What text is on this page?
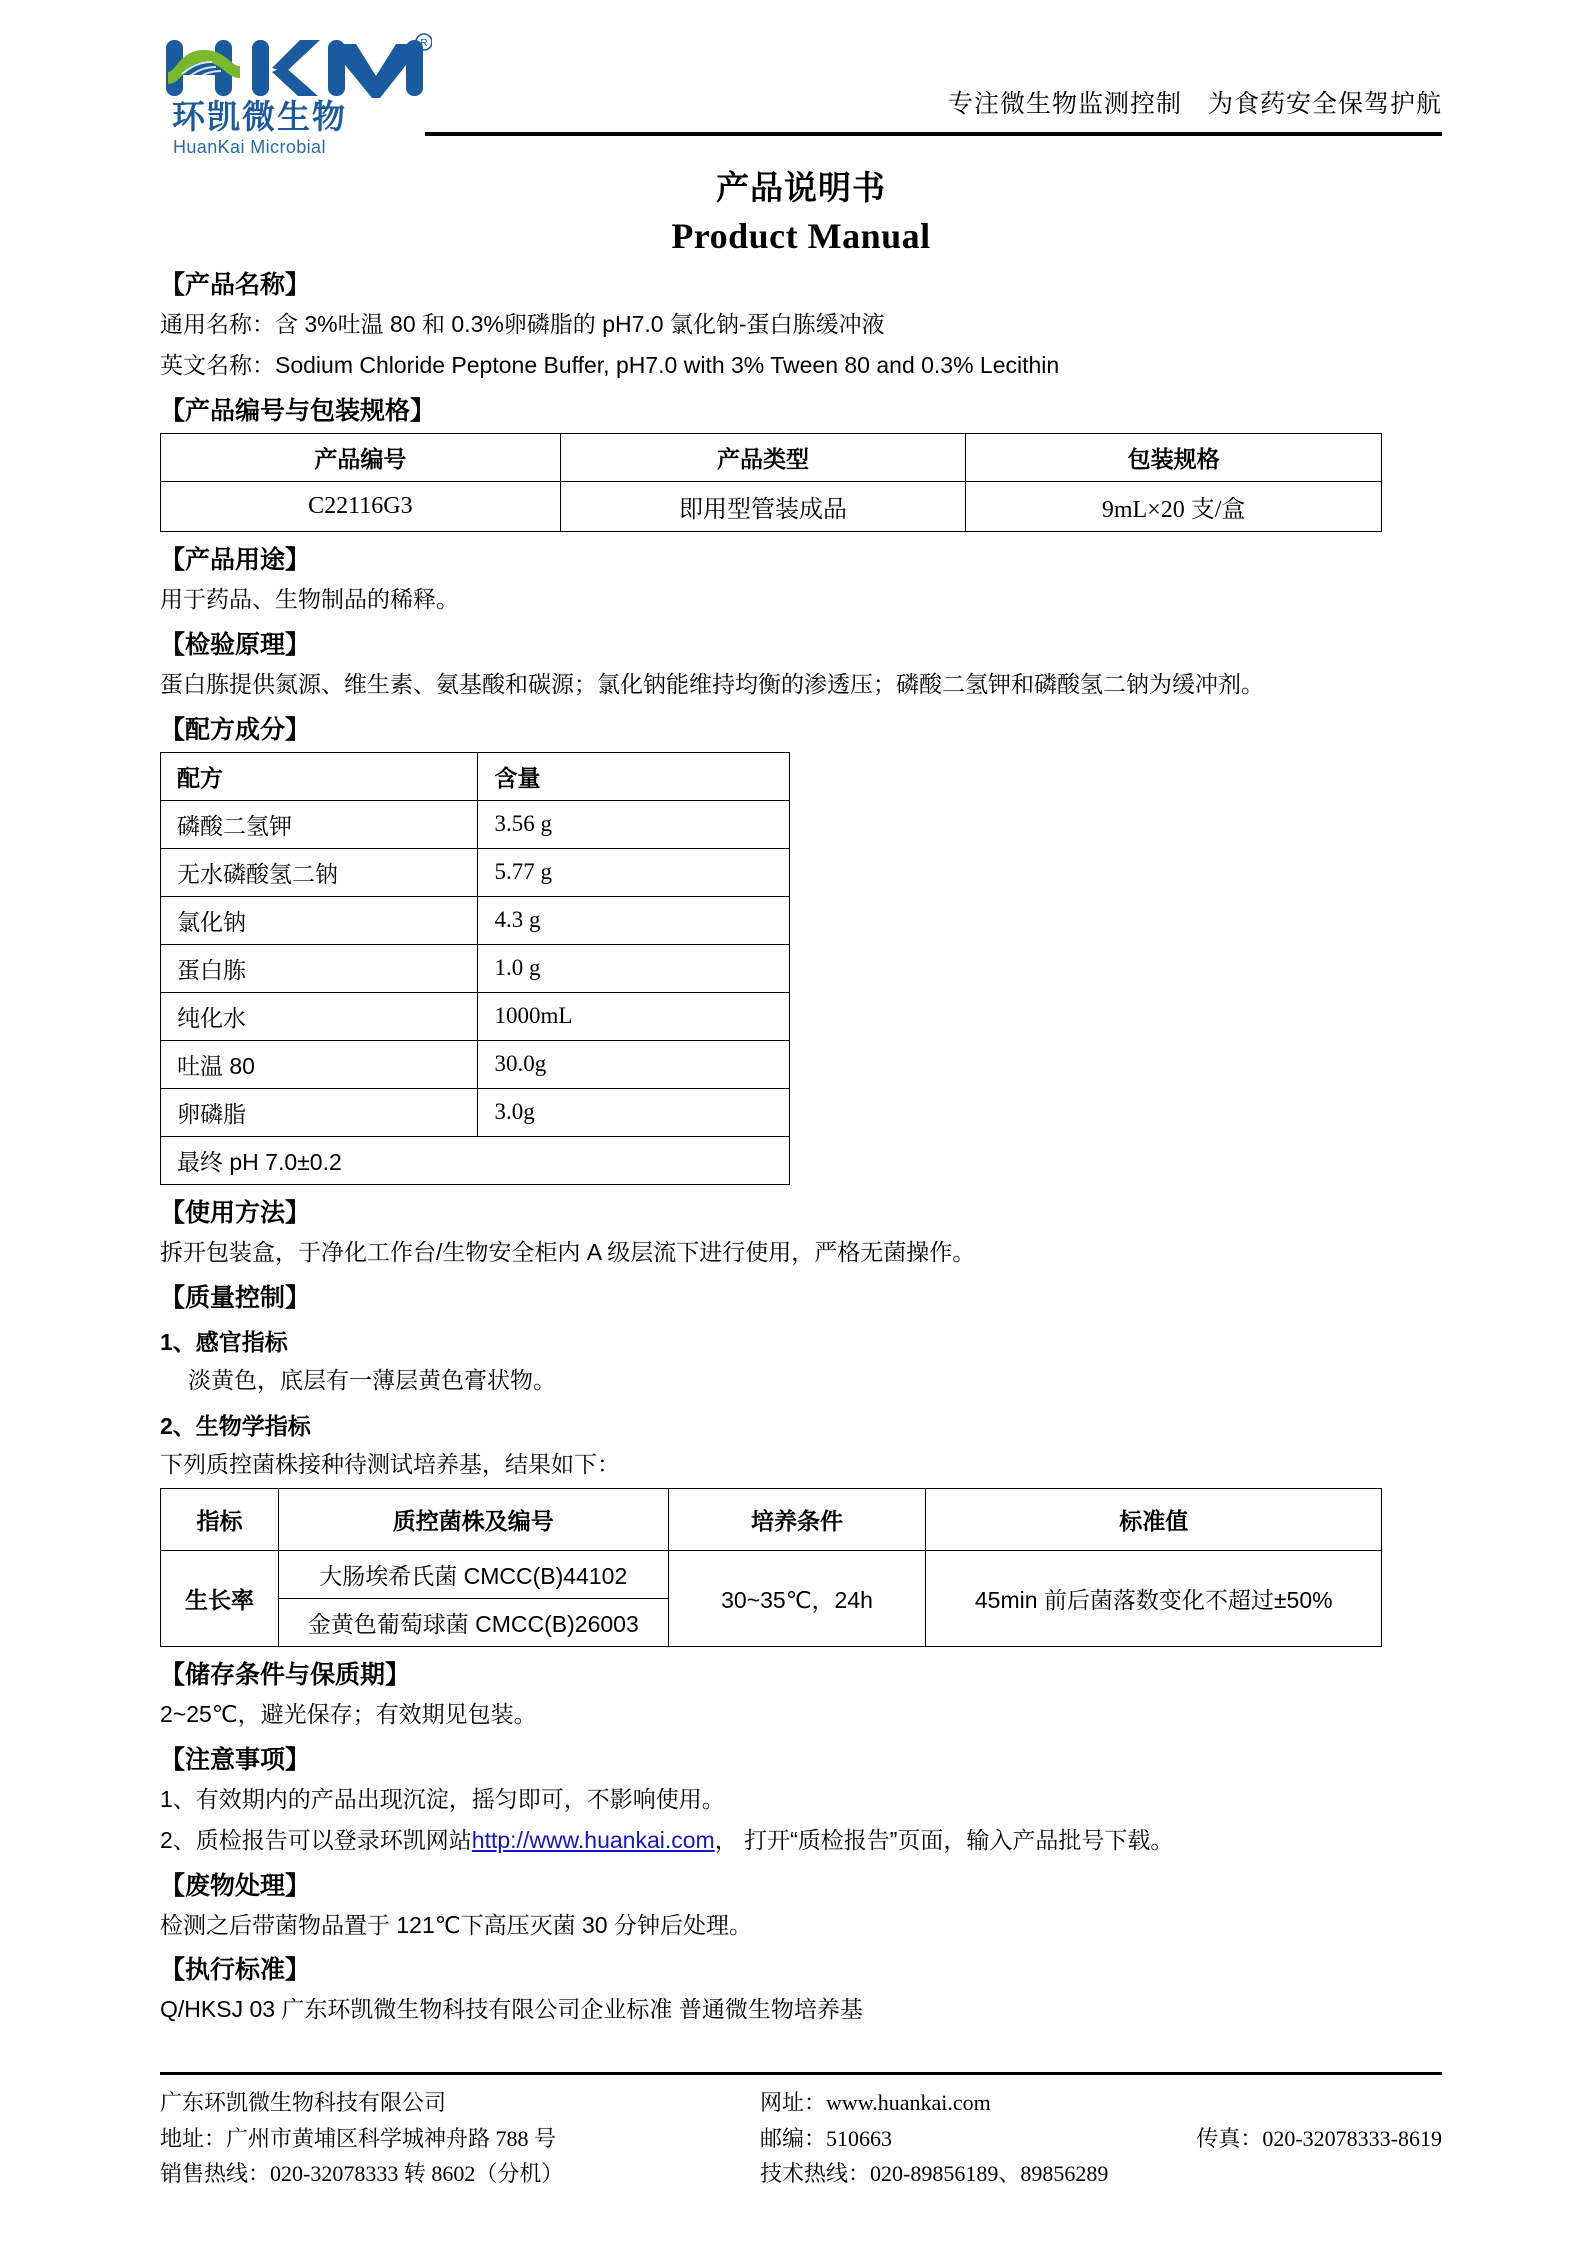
R
环凯微生物
HuanKai Microbial
专注微生物监测控制　为食药安全保驾护航
产品说明书
Product Manual
【产品名称】
通用名称：含 3%吐温 80 和 0.3%卵磷脂的 pH7.0 氯化钠-蛋白胨缓冲液
英文名称：Sodium Chloride Peptone Buffer, pH7.0 with 3% Tween 80 and 0.3% Lecithin
【产品编号与包装规格】
产品编号	产品类型	包装规格
C22116G3	即用型管装成品	9mL×20 支/盒
【产品用途】
用于药品、生物制品的稀释。
【检验原理】
蛋白胨提供氮源、维生素、氨基酸和碳源；氯化钠能维持均衡的渗透压；磷酸二氢钾和磷酸氢二钠为缓冲剂。
【配方成分】
配方	含量
磷酸二氢钾	3.56 g
无水磷酸氢二钠	5.77 g
氯化钠	4.3 g
蛋白胨	1.0 g
纯化水	1000mL
吐温 80	30.0g
卵磷脂	3.0g
最终 pH 7.0±0.2	
【使用方法】
拆开包装盒，于净化工作台/生物安全柜内 A 级层流下进行使用，严格无菌操作。
【质量控制】
1、感官指标
淡黄色，底层有一薄层黄色膏状物。
2、生物学指标
下列质控菌株接种待测试培养基，结果如下：
指标	质控菌株及编号	培养条件	标准值
生长率	大肠埃希氏菌 CMCC(B)44102	30~35℃，24h	45min 前后菌落数变化不超过±50%
	金黄色葡萄球菌 CMCC(B)26003		
【储存条件与保质期】
2~25℃，避光保存；有效期见包装。
【注意事项】
1、有效期内的产品出现沉淀，摇匀即可，不影响使用。
2、质检报告可以登录环凯网站http://www.huankai.com， 打开“质检报告”页面，输入产品批号下载。
【废物处理】
检测之后带菌物品置于 121℃下高压灭菌 30 分钟后处理。
【执行标准】
Q/HKSJ 03 广东环凯微生物科技有限公司企业标准 普通微生物培养基
广东环凯微生物科技有限公司
地址：广州市黄埔区科学城神舟路 788 号
销售热线：020-32078333 转 8602（分机）
网址：www.huankai.com
邮编：510663
技术热线：020-89856189、89856289
传真：020-32078333-8619
